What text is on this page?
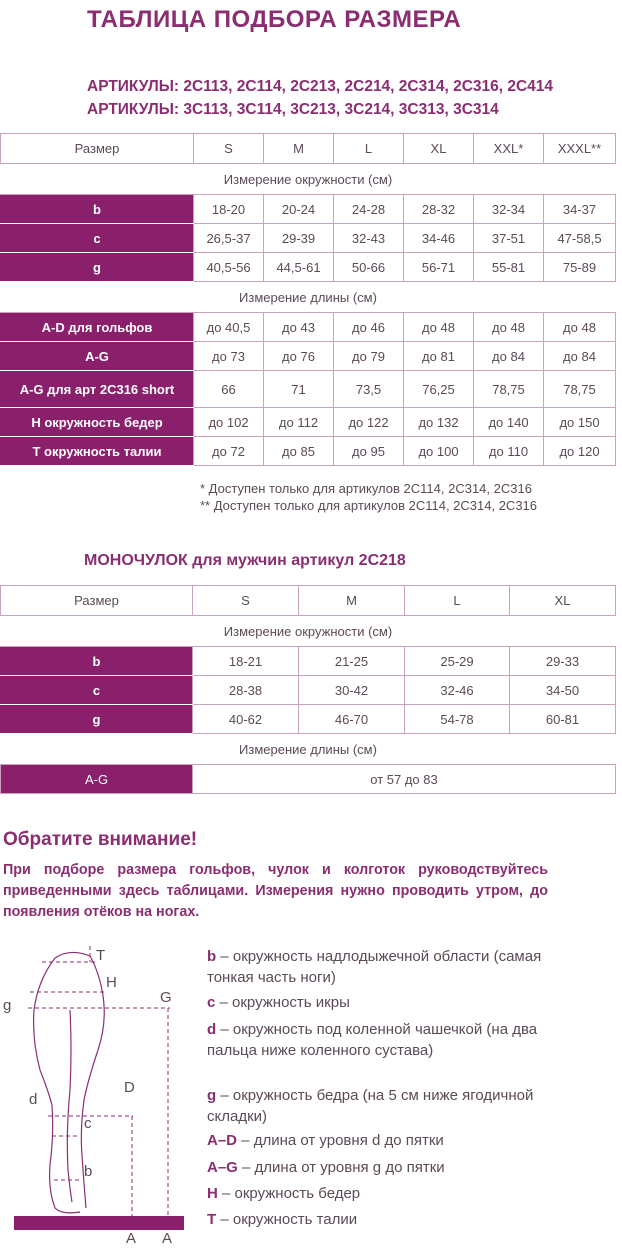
ТАБЛИЦА ПОДБОРА РАЗМЕРА
АРТИКУЛЫ: 2С113, 2С114, 2С213, 2С214, 2С314, 2С316, 2С414
АРТИКУЛЫ: 3С113, 3С114, 3С213, 3С214, 3С313, 3С314
Размер	S	M	L	XL	XXL*	XXXL**
Измерение окружности (см)						
b	18-20	20-24	24-28	28-32	32-34	34-37
c	26,5-37	29-39	32-43	34-46	37-51	47-58,5
g	40,5-56	44,5-61	50-66	56-71	55-81	75-89
Измерение длины (см)						
A-D для гольфов	до 40,5	до 43	до 46	до 48	до 48	до 48
A-G	до 73	до 76	до 79	до 81	до 84	до 84
A-G для арт 2С316 short	66	71	73,5	76,25	78,75	78,75
H окружность бедер	до 102	до 112	до 122	до 132	до 140	до 150
T окружность талии	до 72	до 85	до 95	до 100	до 110	до 120
* Доступен только для артикулов 2С114, 2С314, 2С316
** Доступен только для артикулов 2С114, 2С314, 2С316
МОНОЧУЛОК для мужчин артикул 2С218
Размер	S	M	L	XL
Измерение окружности (см)				
b	18-21	21-25	25-29	29-33
c	28-38	30-42	32-46	34-50
g	40-62	46-70	54-78	60-81
Измерение длины (см)				
A-G	от 57 до 83			
Обратите внимание!
При подборе размера гольфов, чулок и колготок руководствуйтесь приведенными здесь таблицами. Измерения нужно проводить утром, до появления отёков на ногах.
T
H
g	G
d
D
c
b
A A
b – окружность надлодыжечной области (самая тонкая часть ноги)
c – окружность икры
d – окружность под коленной чашечкой (на два пальца ниже коленного сустава)
g – окружность бедра (на 5 см ниже ягодичной складки)
A–D – длина от уровня d до пятки
A–G – длина от уровня g до пятки
H – окружность бедер
T – окружность талии
